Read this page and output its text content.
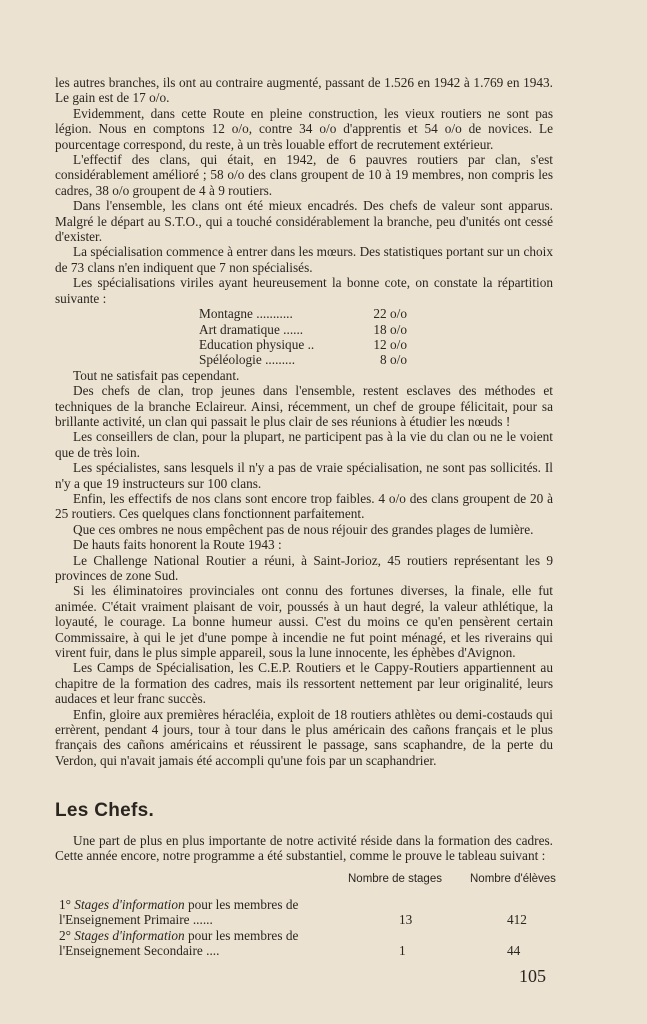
les autres branches, ils ont au contraire augmenté, passant de 1.526 en 1942 à 1.769 en 1943. Le gain est de 17 o/o.

Evidemment, dans cette Route en pleine construction, les vieux routiers ne sont pas légion. Nous en comptons 12 o/o, contre 34 o/o d'apprentis et 54 o/o de novices. Le pourcentage correspond, du reste, à un très louable effort de recrutement extérieur.

L'effectif des clans, qui était, en 1942, de 6 pauvres routiers par clan, s'est considérablement amélioré ; 58 o/o des clans groupent de 10 à 19 membres, non compris les cadres, 38 o/o groupent de 4 à 9 routiers.

Dans l'ensemble, les clans ont été mieux encadrés. Des chefs de valeur sont apparus. Malgré le départ au S.T.O., qui a touché considérablement la branche, peu d'unités ont cessé d'exister.

La spécialisation commence à entrer dans les mœurs. Des statistiques portant sur un choix de 73 clans n'en indiquent que 7 non spécialisés.

Les spécialisations viriles ayant heureusement la bonne cote, on constate la répartition suivante :

Montagne ...........	22 o/o
Art dramatique ......	18 o/o
Education physique ..	12 o/o
Spéléologie .........	8 o/o

Tout ne satisfait pas cependant.

Des chefs de clan, trop jeunes dans l'ensemble, restent esclaves des méthodes et techniques de la branche Eclaireur. Ainsi, récemment, un chef de groupe félicitait, pour sa brillante activité, un clan qui passait le plus clair de ses réunions à étudier les nœuds !

Les conseillers de clan, pour la plupart, ne participent pas à la vie du clan ou ne le voient que de très loin.

Les spécialistes, sans lesquels il n'y a pas de vraie spécialisation, ne sont pas sollicités. Il n'y a que 19 instructeurs sur 100 clans.

Enfin, les effectifs de nos clans sont encore trop faibles. 4 o/o des clans groupent de 20 à 25 routiers. Ces quelques clans fonctionnent parfaitement.

Que ces ombres ne nous empêchent pas de nous réjouir des grandes plages de lumière.

De hauts faits honorent la Route 1943 :

Le Challenge National Routier a réuni, à Saint-Jorioz, 45 routiers représentant les 9 provinces de zone Sud.

Si les éliminatoires provinciales ont connu des fortunes diverses, la finale, elle fut animée. C'était vraiment plaisant de voir, poussés à un haut degré, la valeur athlétique, la loyauté, le courage. La bonne humeur aussi. C'est du moins ce qu'en pensèrent certain Commissaire, à qui le jet d'une pompe à incendie ne fut point ménagé, et les riverains qui virent fuir, dans le plus simple appareil, sous la lune innocente, les éphèbes d'Avignon.

Les Camps de Spécialisation, les C.E.P. Routiers et le Cappy-Routiers appartiennent au chapitre de la formation des cadres, mais ils ressortent nettement par leur originalité, leurs audaces et leur franc succès.

Enfin, gloire aux premières héracléia, exploit de 18 routiers athlètes ou demi-costauds qui errèrent, pendant 4 jours, tour à tour dans le plus américain des cañons français et le plus français des cañons américains et réussirent le passage, sans scaphandre, de la perte du Verdon, qui n'avait jamais été accompli qu'une fois par un scaphandrier.

Les Chefs.

Une part de plus en plus importante de notre activité réside dans la formation des cadres. Cette année encore, notre programme a été substantiel, comme le prouve le tableau suivant :

Nombre de stages Nombre d'élèves
1° Stages d'information pour les membres de l'Enseignement Primaire ......	13	412
2° Stages d'information pour les membres de l'Enseignement Secondaire ....	1	44
105
